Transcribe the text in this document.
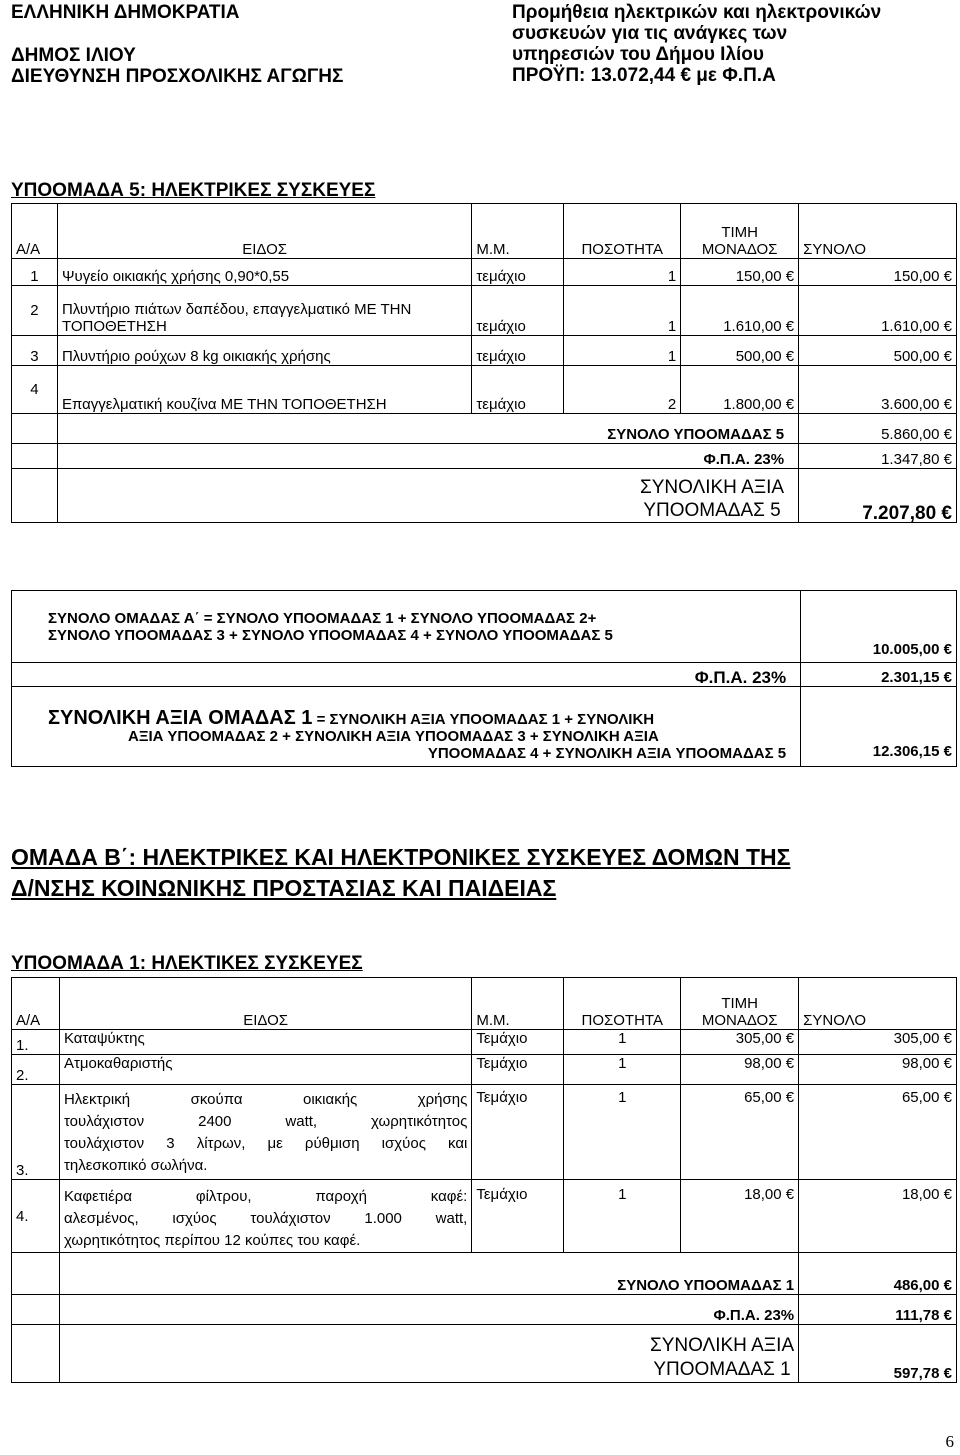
ΕΛΛΗΝΙΚΗ ΔΗΜΟΚΡΑΤΙΑ
ΔΗΜΟΣ ΙΛΙΟΥ
ΔΙΕΥΘΥΝΣΗ ΠΡΟΣΧΟΛΙΚΗΣ ΑΓΩΓΗΣ
Προμήθεια ηλεκτρικών και ηλεκτρονικών
συσκευών για τις ανάγκες των
υπηρεσιών του Δήμου Ιλίου
ΠΡΟΫΠ: 13.072,44 € με Φ.Π.Α
ΥΠΟΟΜΑΔΑ 5: ΗΛΕΚΤΡΙΚΕΣ ΣΥΣΚΕΥΕΣ
Α/Α	ΕΙΔΟΣ	Μ.Μ.	ΠΟΣΟΤΗΤΑ	ΤΙΜΗ
ΜΟΝΑΔΟΣ	ΣΥΝΟΛΟ
1	Ψυγείο οικιακής χρήσης 0,90*0,55	τεμάχιο	1	150,00 €	150,00 €
2	Πλυντήριο πιάτων δαπέδου, επαγγελματικό ΜΕ ΤΗΝ ΤΟΠΟΘΕΤΗΣΗ	τεμάχιο	1	1.610,00 €	1.610,00 €
3	Πλυντήριο ρούχων 8 kg οικιακής χρήσης	τεμάχιο	1	500,00 €	500,00 €
4	Επαγγελματική κουζίνα ΜΕ ΤΗΝ ΤΟΠΟΘΕΤΗΣΗ	τεμάχιο	2	1.800,00 €	3.600,00 €
	ΣΥΝΟΛΟ ΥΠΟΟΜΑΔΑΣ 5				5.860,00 €
	Φ.Π.Α. 23%				1.347,80 €

	ΣΥΝΟΛΙΚΗ ΑΞΙΑ
ΥΠΟΟΜΑΔΑΣ 5				7.207,80 €
ΣΥΝΟΛΟ ΟΜΑΔΑΣ Α΄ = ΣΥΝΟΛΟ ΥΠΟΟΜΑΔΑΣ 1 + ΣΥΝΟΛΟ ΥΠΟΟΜΑΔΑΣ 2+
ΣΥΝΟΛΟ ΥΠΟΟΜΑΔΑΣ 3 + ΣΥΝΟΛΟ ΥΠΟΟΜΑΔΑΣ 4 + ΣΥΝΟΛΟ ΥΠΟΟΜΑΔΑΣ 5	10.005,00 €
Φ.Π.Α. 23%	2.301,15 €

ΣΥΝΟΛΙΚΗ ΑΞΙΑ ΟΜΑΔΑΣ 1 = ΣΥΝΟΛΙΚΗ ΑΞΙΑ ΥΠΟΟΜΑΔΑΣ 1 + ΣΥΝΟΛΙΚΗ
ΑΞΙΑ ΥΠΟΟΜΑΔΑΣ 2 + ΣΥΝΟΛΙΚΗ ΑΞΙΑ ΥΠΟΟΜΑΔΑΣ 3 + ΣΥΝΟΛΙΚΗ ΑΞΙΑ
ΥΠΟΟΜΑΔΑΣ 4 + ΣΥΝΟΛΙΚΗ ΑΞΙΑ ΥΠΟΟΜΑΔΑΣ 5	12.306,15 €
ΟΜΑΔΑ Β΄: ΗΛΕΚΤΡΙΚΕΣ ΚΑΙ ΗΛΕΚΤΡΟΝΙΚΕΣ ΣΥΣΚΕΥΕΣ ΔΟΜΩΝ ΤΗΣ
Δ/ΝΣΗΣ ΚΟΙΝΩΝΙΚΗΣ ΠΡΟΣΤΑΣΙΑΣ ΚΑΙ ΠΑΙΔΕΙΑΣ
ΥΠΟΟΜΑΔΑ 1: ΗΛΕΚΤΙΚΕΣ ΣΥΣΚΕΥΕΣ
Α/Α	ΕΙΔΟΣ	Μ.Μ.	ΠΟΣΟΤΗΤΑ	ΤΙΜΗ
ΜΟΝΑΔΟΣ	ΣΥΝΟΛΟ
1.	Καταψύκτης	Τεμάχιο	1	305,00 €	305,00 €
2.	Ατμοκαθαριστής	Τεμάχιο	1	98,00 €	98,00 €
3.	Ηλεκτρική σκούπα οικιακής χρήσης
τουλάχιστον 2400 watt, χωρητικότητος
τουλάχιστον 3 λίτρων, με ρύθμιση ισχύος και
τηλεσκοπικό σωλήνα.	Τεμάχιο	1	65,00 €	65,00 €
4.	Καφετιέρα φίλτρου, παροχή καφέ:
αλεσμένος, ισχύος τουλάχιστον 1.000 watt,
χωρητικότητος περίπου 12 κούπες του καφέ.	Τεμάχιο	1	18,00 €	18,00 €
	ΣΥΝΟΛΟ ΥΠΟΟΜΑΔΑΣ 1				486,00 €
	Φ.Π.Α. 23%				111,78 €

	ΣΥΝΟΛΙΚΗ ΑΞΙΑ
ΥΠΟΟΜΑΔΑΣ 1				597,78 €
6
